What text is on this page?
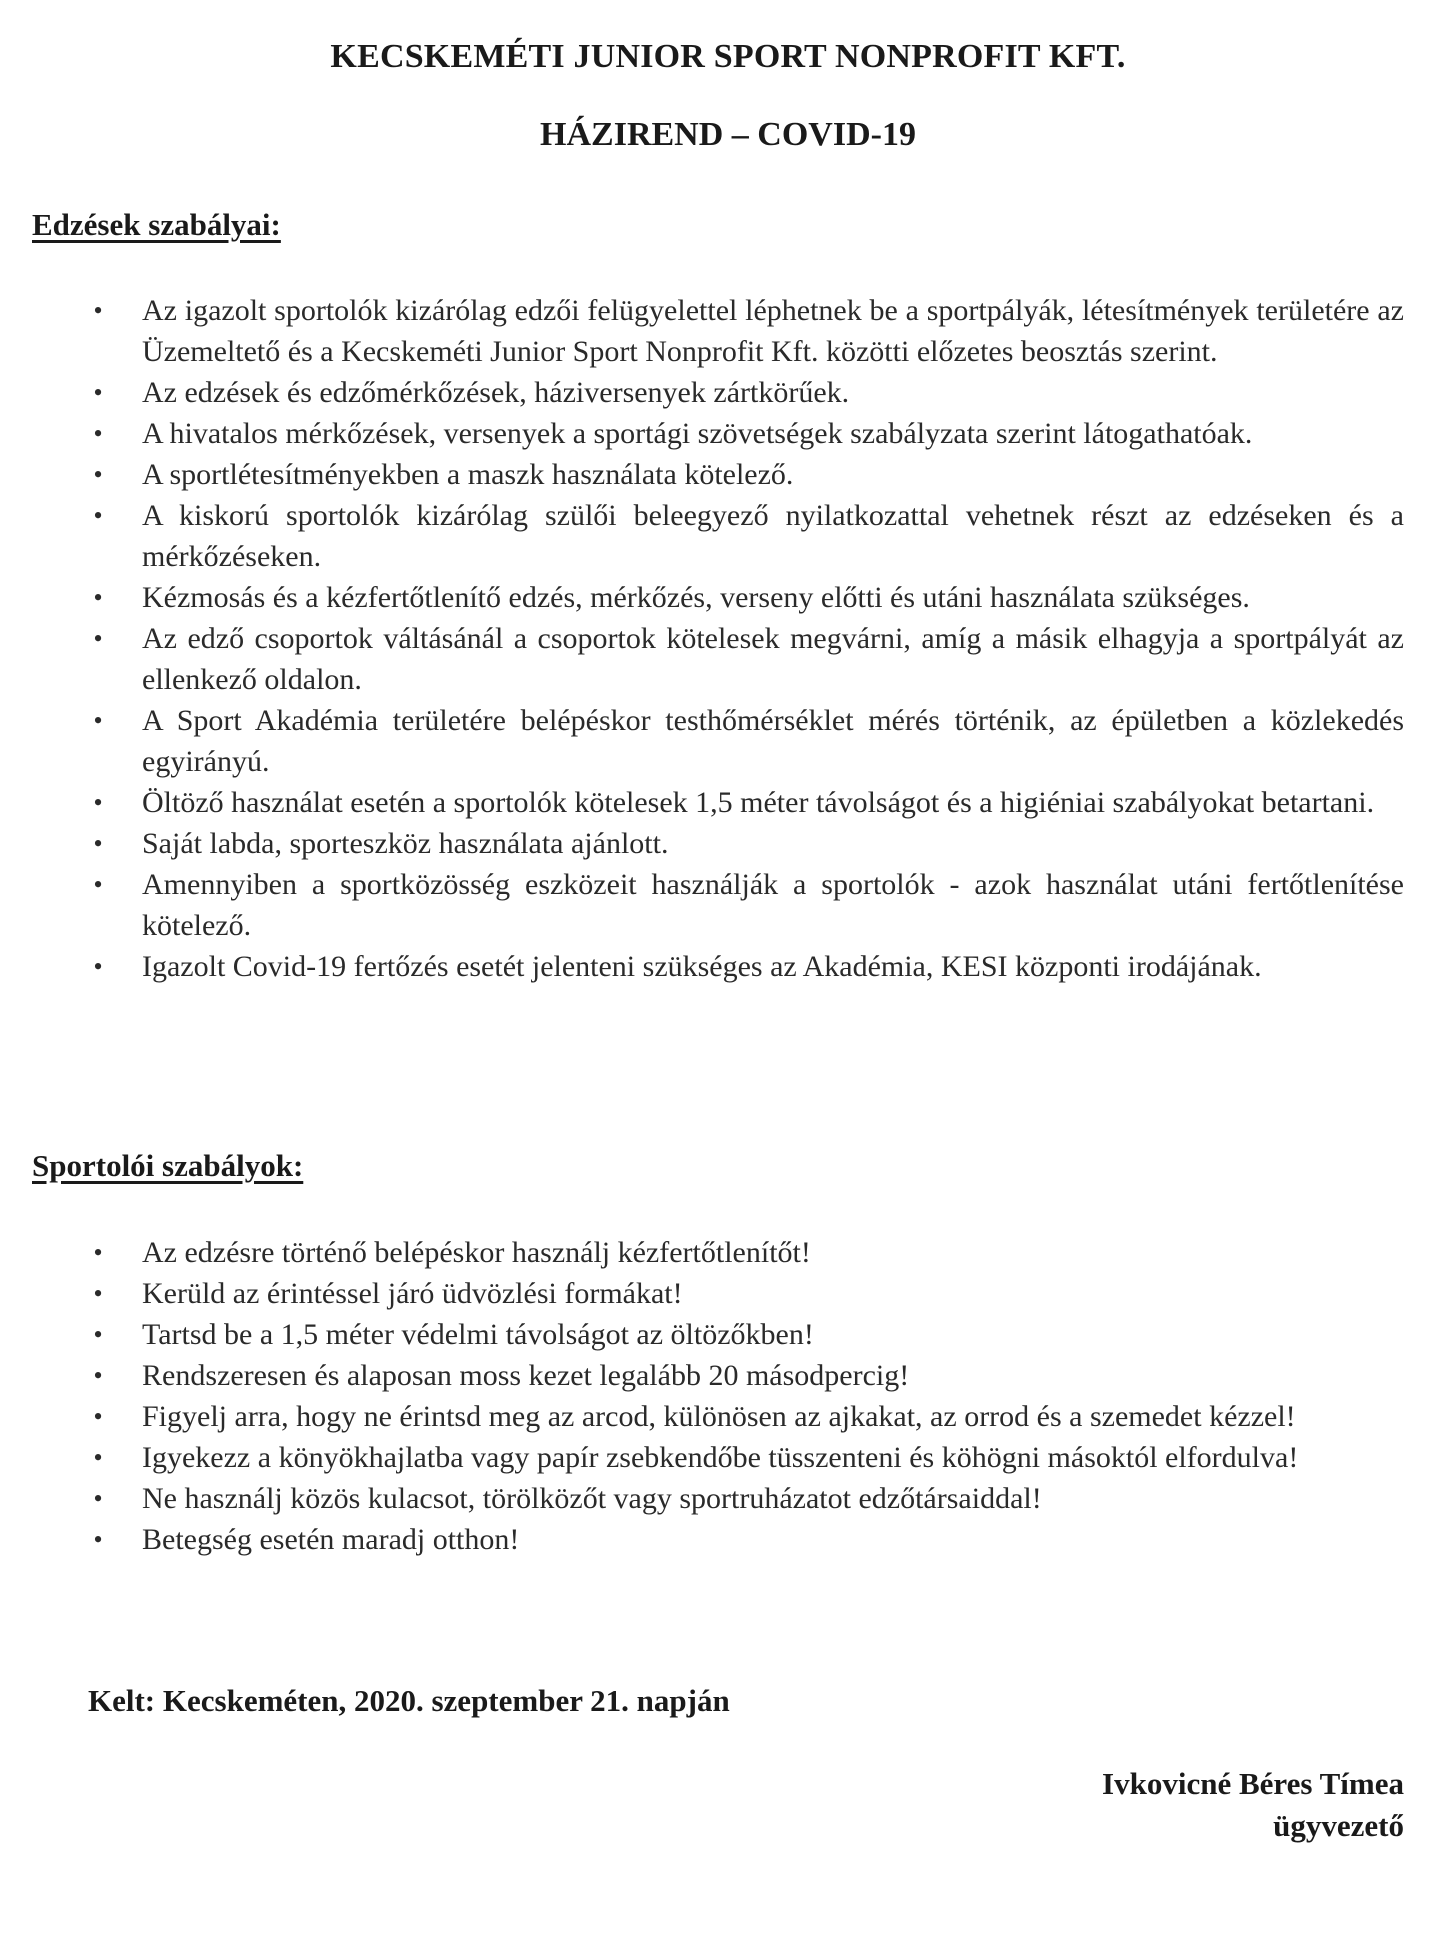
KECSKEMÉTI JUNIOR SPORT NONPROFIT KFT.
HÁZIREND – COVID-19
Edzések szabályai:
• Az igazolt sportolók kizárólag edzői felügyelettel léphetnek be a sportpályák, létesítmények területére az Üzemeltető és a Kecskeméti Junior Sport Nonprofit Kft. közötti előzetes beosztás szerint.
• Az edzések és edzőmérkőzések, háziversenyek zártkörűek.
• A hivatalos mérkőzések, versenyek a sportági szövetségek szabályzata szerint látogathatóak.
• A sportlétesítményekben a maszk használata kötelező.
• A kiskorú sportolók kizárólag szülői beleegyező nyilatkozattal vehetnek részt az edzéseken és a mérkőzéseken.
• Kézmosás és a kézfertőtlenítő edzés, mérkőzés, verseny előtti és utáni használata szükséges.
• Az edző csoportok váltásánál a csoportok kötelesek megvárni, amíg a másik elhagyja a sportpályát az ellenkező oldalon.
• A Sport Akadémia területére belépéskor testhőmérséklet mérés történik, az épületben a közlekedés egyirányú.
• Öltöző használat esetén a sportolók kötelesek 1,5 méter távolságot és a higiéniai szabályokat betartani.
• Saját labda, sporteszköz használata ajánlott.
• Amennyiben a sportközösség eszközeit használják a sportolók - azok használat utáni fertőtlenítése kötelező.
• Igazolt Covid-19 fertőzés esetét jelenteni szükséges az Akadémia, KESI központi irodájának.
Sportolói szabályok:
• Az edzésre történő belépéskor használj kézfertőtlenítőt!
• Kerüld az érintéssel járó üdvözlési formákat!
• Tartsd be a 1,5 méter védelmi távolságot az öltözőkben!
• Rendszeresen és alaposan moss kezet legalább 20 másodpercig!
• Figyelj arra, hogy ne érintsd meg az arcod, különösen az ajkakat, az orrod és a szemedet kézzel!
• Igyekezz a könyökhajlatba vagy papír zsebkendőbe tüsszenteni és köhögni másoktól elfordulva!
• Ne használj közös kulacsot, törölközőt vagy sportruházatot edzőtársaiddal!
• Betegség esetén maradj otthon!
Kelt: Kecskeméten, 2020. szeptember 21. napján
Ivkovicné Béres Tímea
ügyvezető
